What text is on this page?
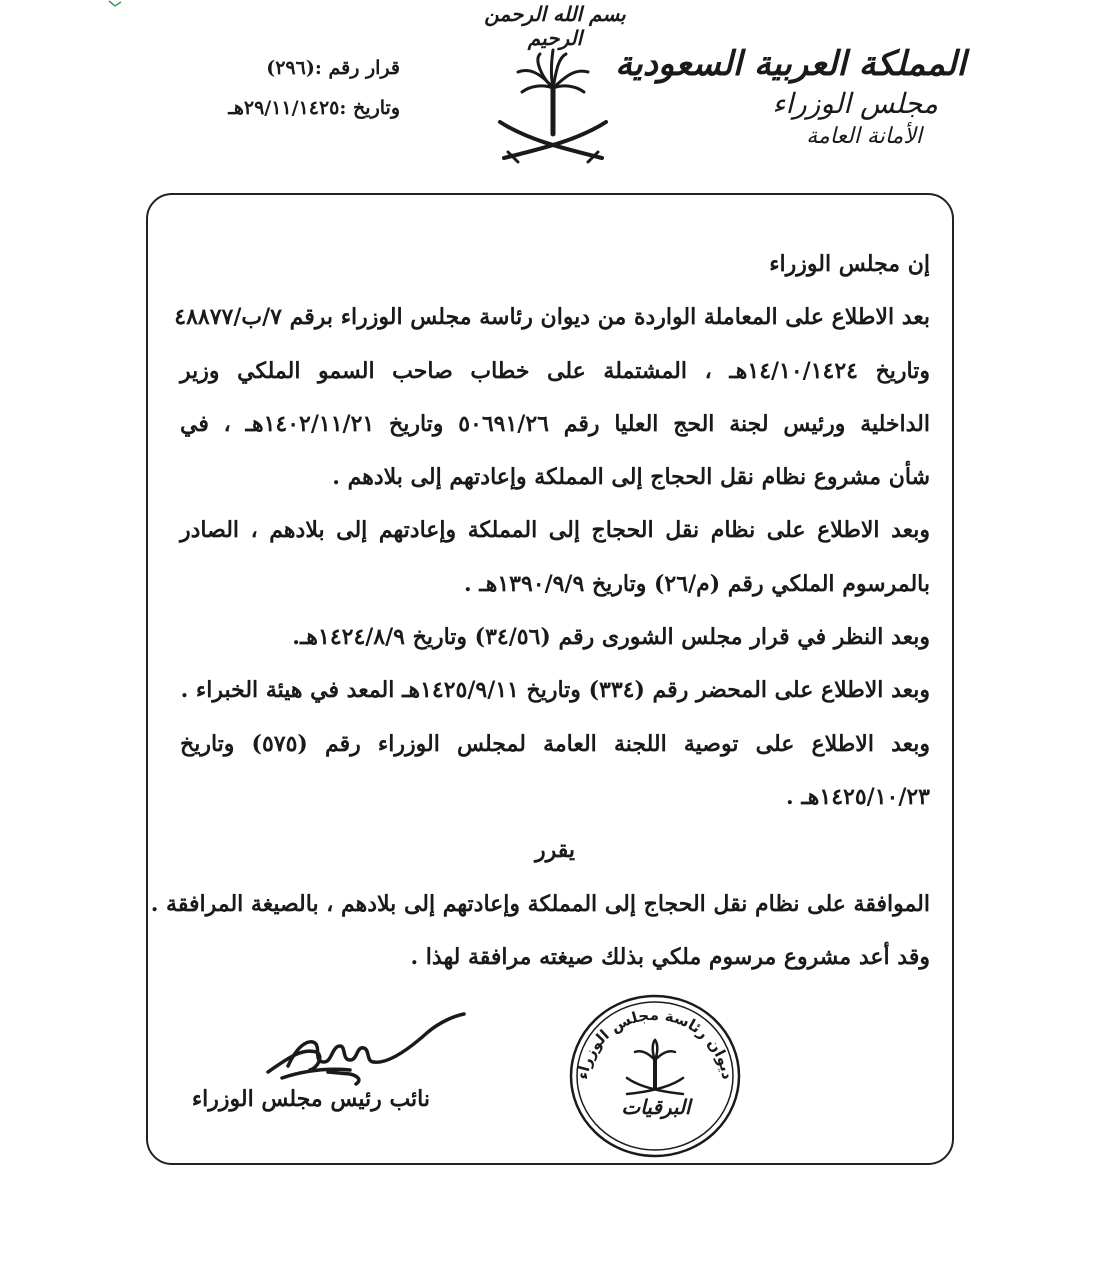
بسم الله الرحمن الرحيم
المملكة العربية السعودية
مجلس الوزراء
الأمانة العامة
قرار رقم :(٢٩٦)
وتاريخ :٢٩/١١/١٤٢٥هـ
إن مجلس الوزراء
بعد الاطلاع على المعاملة الواردة من ديوان رئاسة مجلس الوزراء برقم ٧/ب/٤٨٨٧٧
وتاريخ ١٤/١٠/١٤٢٤هـ ، المشتملة على خطاب صاحب السمو الملكي وزير
الداخلية ورئيس لجنة الحج العليا رقم ٥٠٦٩١/٢٦ وتاريخ ١٤٠٢/١١/٢١هـ ، في
شأن مشروع نظام نقل الحجاج إلى المملكة وإعادتهم إلى بلادهم .
وبعد الاطلاع على نظام نقل الحجاج إلى المملكة وإعادتهم إلى بلادهم ، الصادر
بالمرسوم الملكي رقم (م/٢٦) وتاريخ ١٣٩٠/٩/٩هـ .
وبعد النظر في قرار مجلس الشورى رقم (٣٤/٥٦) وتاريخ ١٤٢٤/٨/٩هـ.
وبعد الاطلاع على المحضر رقم (٣٣٤) وتاريخ ١٤٢٥/٩/١١هـ المعد في هيئة الخبراء .
وبعد الاطلاع على توصية اللجنة العامة لمجلس الوزراء رقم (٥٧٥) وتاريخ
١٤٢٥/١٠/٢٣هـ .
يقرر
الموافقة على نظام نقل الحجاج إلى المملكة وإعادتهم إلى بلادهم ، بالصيغة المرافقة .
وقد أعد مشروع مرسوم ملكي بذلك صيغته مرافقة لهذا .
نائب رئيس مجلس الوزراء
ديوان رئاسة مجلس الوزراء
البرقيات
